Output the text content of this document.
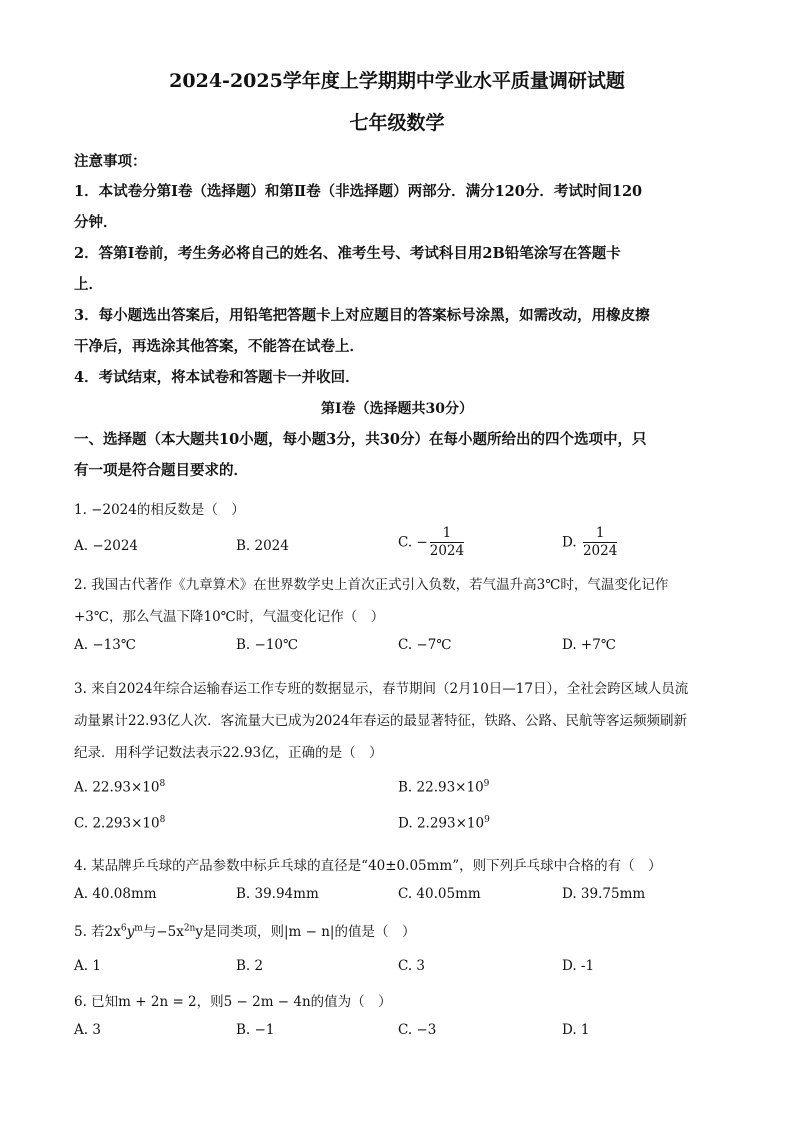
2024-2025学年度上学期期中学业水平质量调研试题
七年级数学
注意事项：
1．本试卷分第Ⅰ卷（选择题）和第Ⅱ卷（非选择题）两部分．满分120分．考试时间120
分钟．
2．答第Ⅰ卷前，考生务必将自己的姓名、准考生号、考试科目用2B铅笔涂写在答题卡
上．
3．每小题选出答案后，用铅笔把答题卡上对应题目的答案标号涂黑，如需改动，用橡皮擦
干净后，再选涂其他答案，不能答在试卷上．
4．考试结束，将本试卷和答题卡一并收回．
第Ⅰ卷（选择题共30分）
一、选择题（本大题共10小题，每小题3分，共30分）在每小题所给出的四个选项中，只
有一项是符合题目要求的．
1. −2024的相反数是（　）
A. −2024	B. 2024	C. − $\frac{1}{2024}$	D. $\frac{1}{2024}$
2. 我国古代著作《九章算术》在世界数学史上首次正式引入负数，若气温升高3℃时，气温变化记作
+3℃，那么气温下降10℃时，气温变化记作（　）
A. −13℃	B. −10℃	C. −7℃	D. +7℃
3. 来自2024年综合运输春运工作专班的数据显示，春节期间（2月10日—17日），全社会跨区域人员流
动量累计22.93亿人次．客流量大已成为2024年春运的最显著特征，铁路、公路、民航等客运频频刷新
纪录．用科学记数法表示22.93亿，正确的是（　）
A. $22.93\times 10^8$	B. $22.93\times 10^9$
C. $2.293\times 10^8$	D. $2.293\times 10^9$
4. 某品牌乒乓球的产品参数中标乒乓球的直径是“40±0.05mm”，则下列乒乓球中合格的有（　）
A. 40.08mm	B. 39.94mm	C. 40.05mm	D. 39.75mm
5. 若$2x^6y^m$与$-5x^{2n}y$是同类项，则|m − n|的值是（　）
A. 1	B. 2	C. 3	D. -1
6. 已知m + 2n = 2，则5 − 2m − 4n的值为（　）
A. 3	B. −1	C. −3	D. 1
